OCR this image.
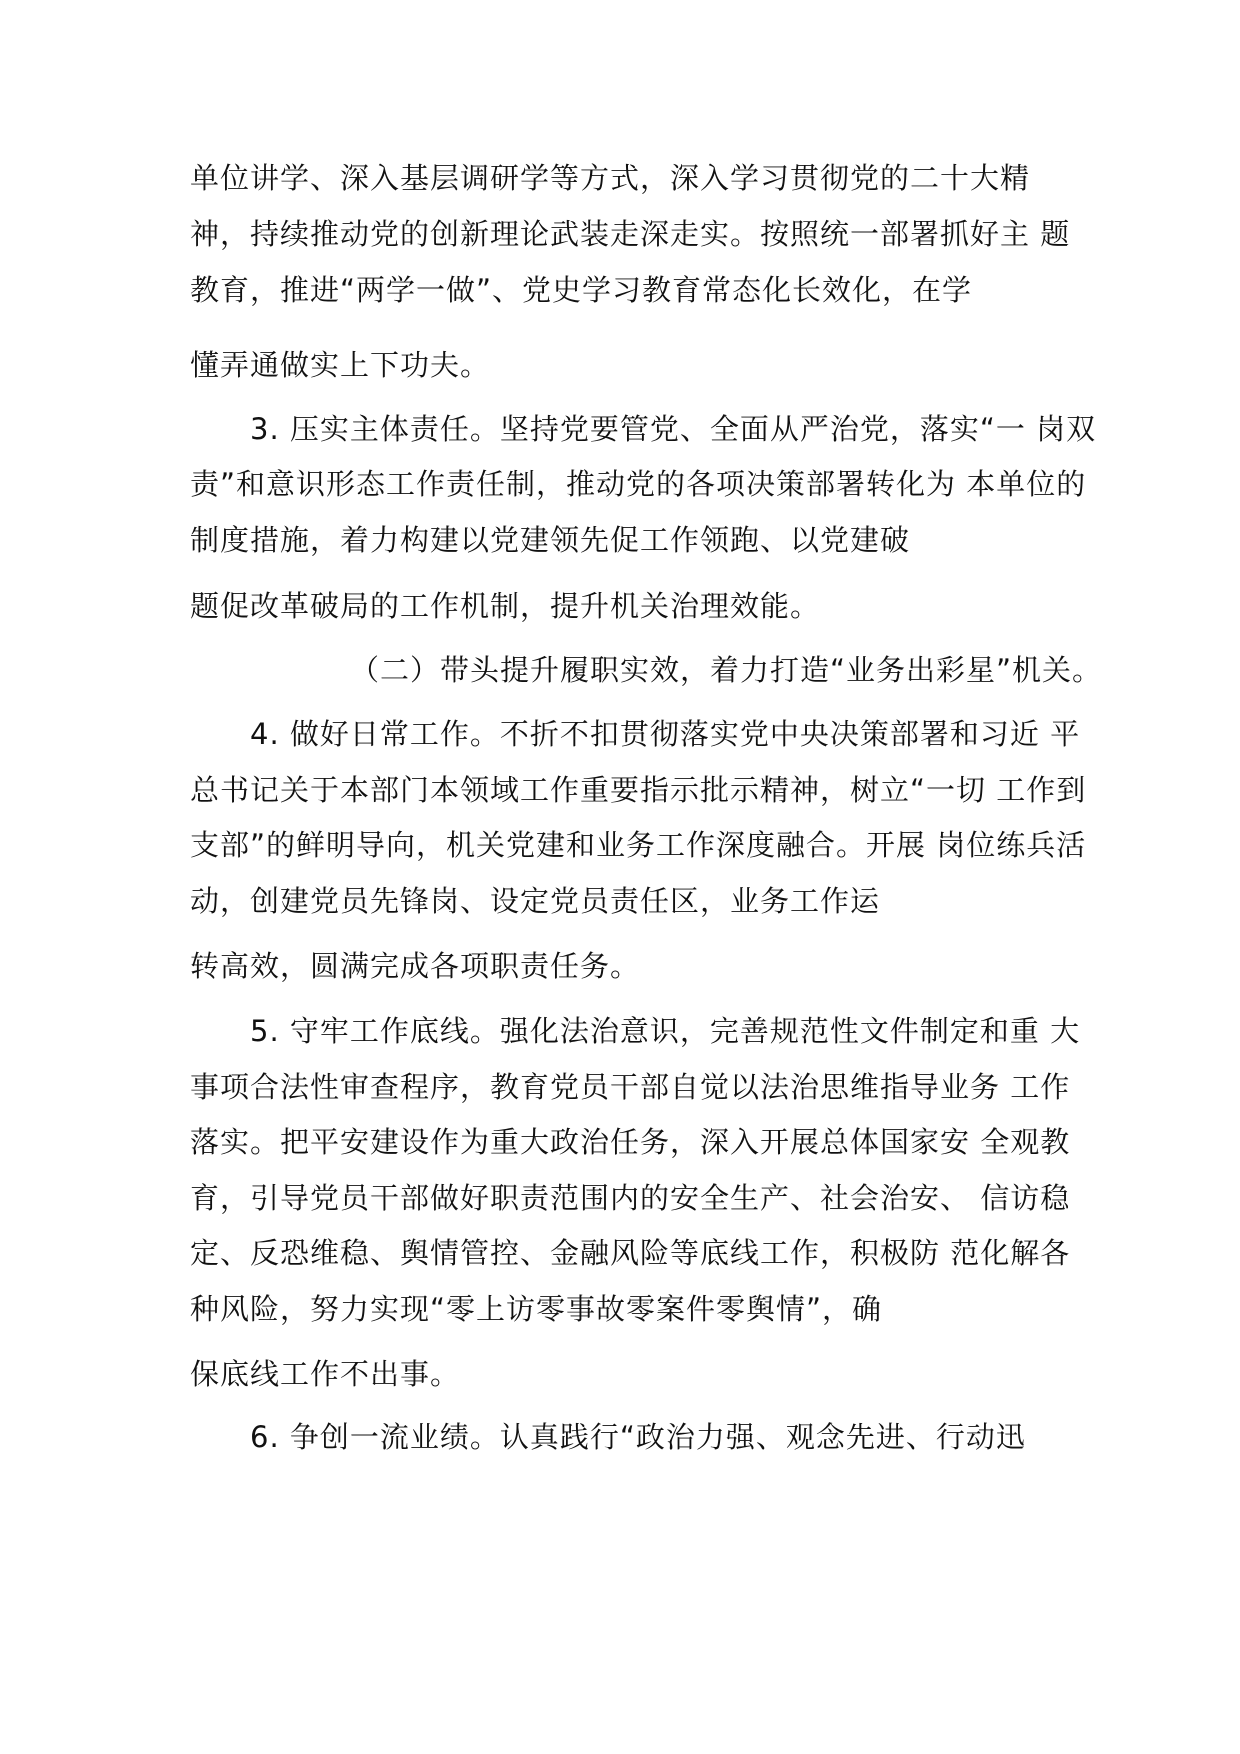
单位讲学、深入基层调研学等方式，深入学习贯彻党的二十大精
神，持续推动党的创新理论武装走深走实。按照统一部署抓好主 题
教育，推进“两学一做”、党史学习教育常态化长效化，在学
懂弄通做实上下功夫。
3. 压实主体责任。坚持党要管党、全面从严治党，落实“一 岗双
责”和意识形态工作责任制，推动党的各项决策部署转化为 本单位的
制度措施，着力构建以党建领先促工作领跑、以党建破
题促改革破局的工作机制，提升机关治理效能。
（二）带头提升履职实效，着力打造“业务出彩星”机关。
4. 做好日常工作。不折不扣贯彻落实党中央决策部署和习近 平
总书记关于本部门本领域工作重要指示批示精神，树立“一切 工作到
支部”的鲜明导向，机关党建和业务工作深度融合。开展 岗位练兵活
动，创建党员先锋岗、设定党员责任区，业务工作运
转高效，圆满完成各项职责任务。
5. 守牢工作底线。强化法治意识，完善规范性文件制定和重 大
事项合法性审查程序，教育党员干部自觉以法治思维指导业务 工作
落实。把平安建设作为重大政治任务，深入开展总体国家安 全观教
育，引导党员干部做好职责范围内的安全生产、社会治安、 信访稳
定、反恐维稳、舆情管控、金融风险等底线工作，积极防 范化解各
种风险，努力实现“零上访零事故零案件零舆情”，确
保底线工作不出事。
6. 争创一流业绩。认真践行“政治力强、观念先进、行动迅
